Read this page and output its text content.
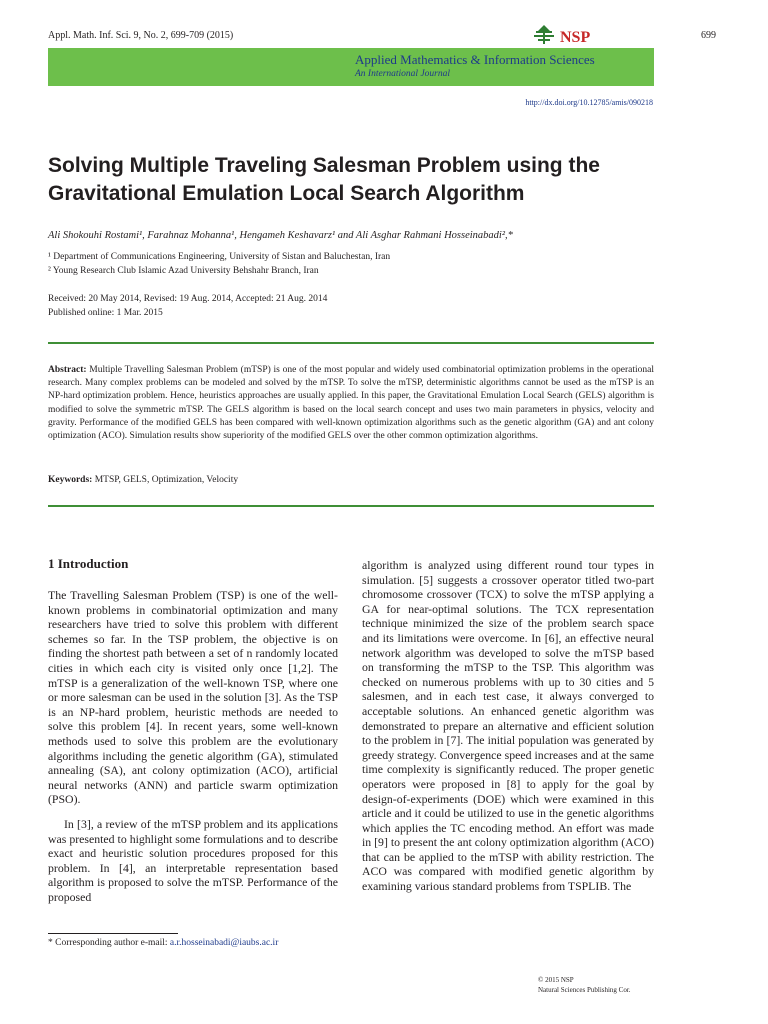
Appl. Math. Inf. Sci. 9, No. 2, 699-709 (2015)	699
NSP
Applied Mathematics & Information Sciences
An International Journal
http://dx.doi.org/10.12785/amis/090218
Solving Multiple Traveling Salesman Problem using the Gravitational Emulation Local Search Algorithm
Ali Shokouhi Rostami¹, Farahnaz Mohanna¹, Hengameh Keshavarz¹ and Ali Asghar Rahmani Hosseinabadi²,*
¹ Department of Communications Engineering, University of Sistan and Baluchestan, Iran
² Young Research Club Islamic Azad University Behshahr Branch, Iran
Received: 20 May 2014, Revised: 19 Aug. 2014, Accepted: 21 Aug. 2014
Published online: 1 Mar. 2015
Abstract: Multiple Travelling Salesman Problem (mTSP) is one of the most popular and widely used combinatorial optimization problems in the operational research. Many complex problems can be modeled and solved by the mTSP. To solve the mTSP, deterministic algorithms cannot be used as the mTSP is an NP-hard optimization problem. Hence, heuristics approaches are usually applied. In this paper, the Gravitational Emulation Local Search (GELS) algorithm is modified to solve the symmetric mTSP. The GELS algorithm is based on the local search concept and uses two main parameters in physics, velocity and gravity. Performance of the modified GELS has been compared with well-known optimization algorithms such as the genetic algorithm (GA) and ant colony optimization (ACO). Simulation results show superiority of the modified GELS over the other common optimization algorithms.
Keywords: MTSP, GELS, Optimization, Velocity
1 Introduction

The Travelling Salesman Problem (TSP) is one of the well-known problems in combinatorial optimization and many researchers have tried to solve this problem with different schemes so far. In the TSP problem, the objective is on finding the shortest path between a set of n randomly located cities in which each city is visited only once [1,2]. The mTSP is a generalization of the well-known TSP, where one or more salesman can be used in the solution [3]. As the TSP is an NP-hard problem, heuristic methods are needed to solve this problem [4]. In recent years, some well-known methods used to solve this problem are the evolutionary algorithms including the genetic algorithm (GA), stimulated annealing (SA), ant colony optimization (ACO), artificial neural networks (ANN) and particle swarm optimization (PSO).

In [3], a review of the mTSP problem and its applications was presented to highlight some formulations and to describe exact and heuristic solution procedures proposed for this problem. In [4], an interpretable representation based algorithm is proposed to solve the mTSP. Performance of the proposed

algorithm is analyzed using different round tour types in simulation. [5] suggests a crossover operator titled two-part chromosome crossover (TCX) to solve the mTSP applying a GA for near-optimal solutions. The TCX representation technique minimized the size of the problem search space and its limitations were overcome. In [6], an effective neural network algorithm was developed to solve the mTSP based on transforming the mTSP to the TSP. This algorithm was checked on numerous problems with up to 30 cities and 5 salesmen, and in each test case, it always converged to acceptable solutions. An enhanced genetic algorithm was demonstrated to prepare an alternative and efficient solution to the problem in [7]. The initial population was generated by greedy strategy. Convergence speed increases and at the same time complexity is significantly reduced. The proper genetic operators were proposed in [8] to apply for the goal by design-of-experiments (DOE) which were examined in this article and it could be utilized to use in the genetic algorithms which applies the TC encoding method. An effort was made in [9] to present the ant colony optimization algorithm (ACO) that can be applied to the mTSP with ability restriction. The ACO was compared with modified genetic algorithm by examining various standard problems from TSPLIB. The

* Corresponding author e-mail: a.r.hosseinabadi@iaubs.ac.ir
© 2015 NSP
Natural Sciences Publishing Cor.
